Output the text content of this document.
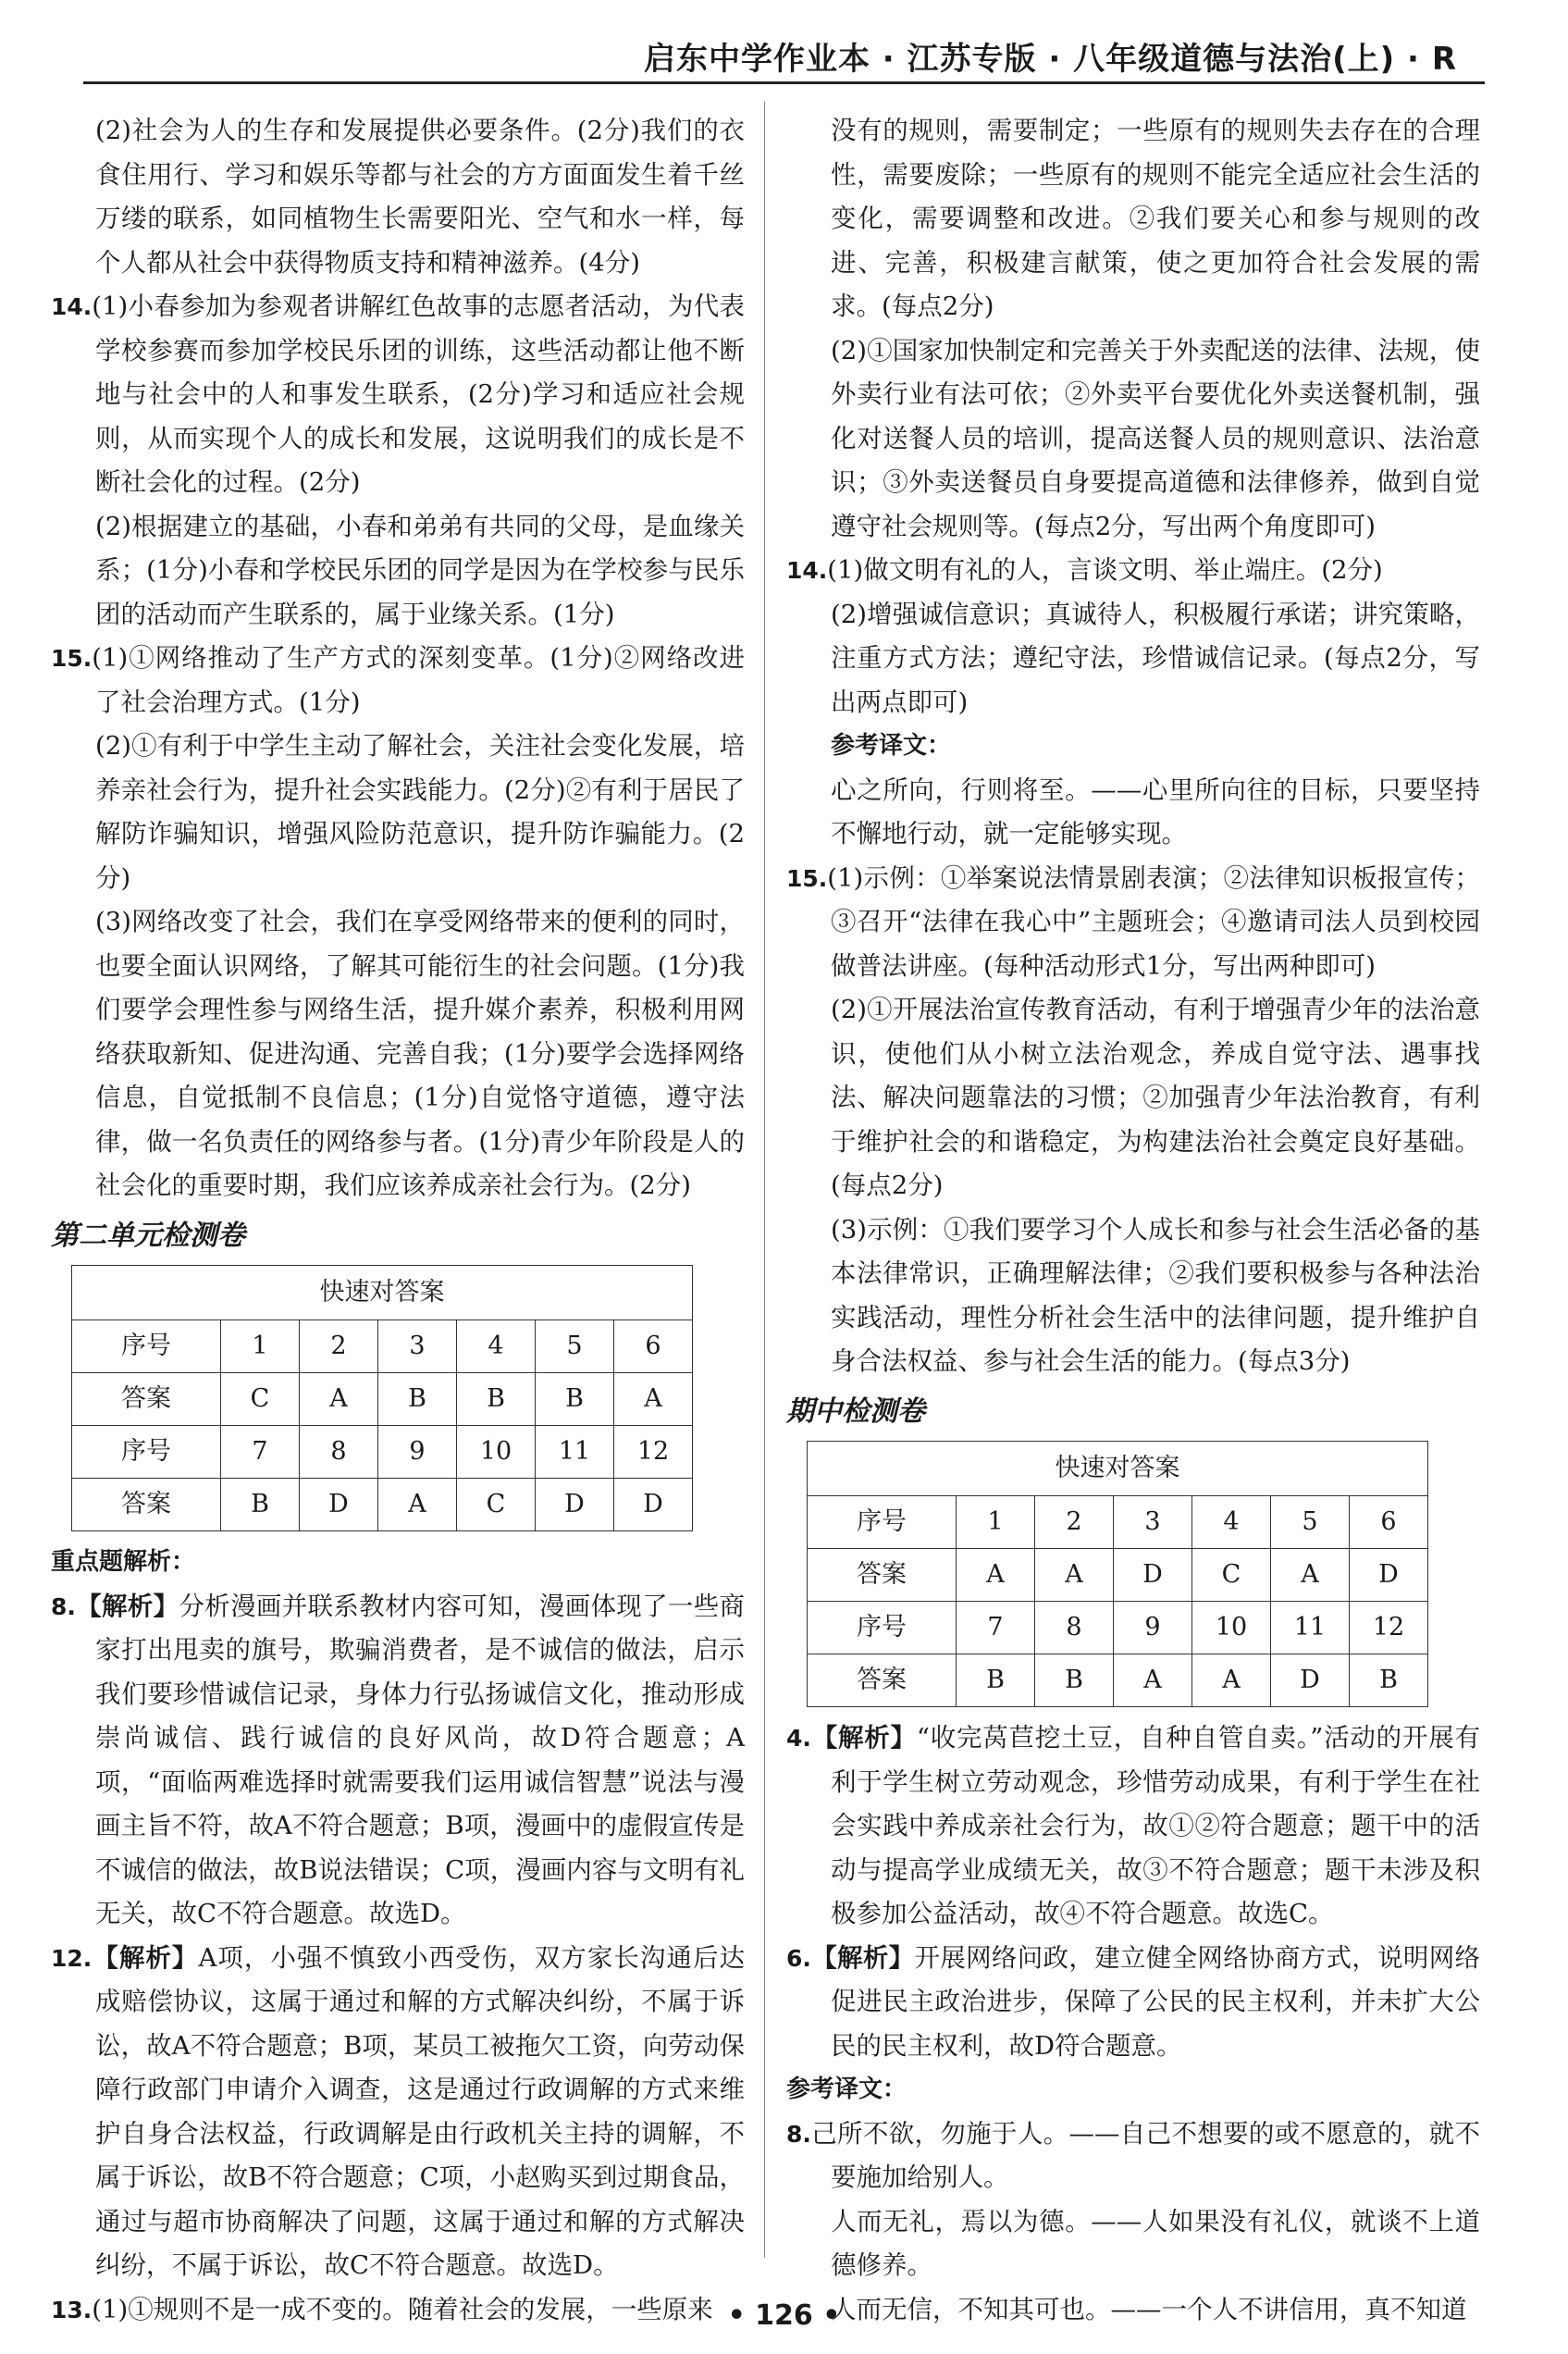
启东中学作业本 · 江苏专版 · 八年级道德与法治(上) · R

(2)社会为人的生存和发展提供必要条件。(2分)我们的衣食住用行、学习和娱乐等都与社会的方方面面发生着千丝万缕的联系，如同植物生长需要阳光、空气和水一样，每个人都从社会中获得物质支持和精神滋养。(4分)

14.(1)小春参加为参观者讲解红色故事的志愿者活动，为代表学校参赛而参加学校民乐团的训练，这些活动都让他不断地与社会中的人和事发生联系，(2分)学习和适应社会规则，从而实现个人的成长和发展，这说明我们的成长是不断社会化的过程。(2分)

(2)根据建立的基础，小春和弟弟有共同的父母，是血缘关系；(1分)小春和学校民乐团的同学是因为在学校参与民乐团的活动而产生联系的，属于业缘关系。(1分)

15.(1)①网络推动了生产方式的深刻变革。(1分)②网络改进了社会治理方式。(1分)

(2)①有利于中学生主动了解社会，关注社会变化发展，培养亲社会行为，提升社会实践能力。(2分)②有利于居民了解防诈骗知识，增强风险防范意识，提升防诈骗能力。(2分)

(3)网络改变了社会，我们在享受网络带来的便利的同时，也要全面认识网络，了解其可能衍生的社会问题。(1分)我们要学会理性参与网络生活，提升媒介素养，积极利用网络获取新知、促进沟通、完善自我；(1分)要学会选择网络信息，自觉抵制不良信息；(1分)自觉恪守道德，遵守法律，做一名负责任的网络参与者。(1分)青少年阶段是人的社会化的重要时期，我们应该养成亲社会行为。(2分)

第二单元检测卷
快速对答案						
序号	1	2	3	4	5	6
答案	C	A	B	B	B	A
序号	7	8	9	10	11	12
答案	B	D	A	C	D	D
重点题解析：

8.【解析】分析漫画并联系教材内容可知，漫画体现了一些商家打出甩卖的旗号，欺骗消费者，是不诚信的做法，启示我们要珍惜诚信记录，身体力行弘扬诚信文化，推动形成崇尚诚信、践行诚信的良好风尚，故D符合题意；A项，“面临两难选择时就需要我们运用诚信智慧”说法与漫画主旨不符，故A不符合题意；B项，漫画中的虚假宣传是不诚信的做法，故B说法错误；C项，漫画内容与文明有礼无关，故C不符合题意。故选D。

12.【解析】A项，小强不慎致小西受伤，双方家长沟通后达成赔偿协议，这属于通过和解的方式解决纠纷，不属于诉讼，故A不符合题意；B项，某员工被拖欠工资，向劳动保障行政部门申请介入调查，这是通过行政调解的方式来维护自身合法权益，行政调解是由行政机关主持的调解，不属于诉讼，故B不符合题意；C项，小赵购买到过期食品，通过与超市协商解决了问题，这属于通过和解的方式解决纠纷，不属于诉讼，故C不符合题意。故选D。

13.(1)①规则不是一成不变的。随着社会的发展，一些原来

没有的规则，需要制定；一些原有的规则失去存在的合理性，需要废除；一些原有的规则不能完全适应社会生活的变化，需要调整和改进。②我们要关心和参与规则的改进、完善，积极建言献策，使之更加符合社会发展的需求。(每点2分)

(2)①国家加快制定和完善关于外卖配送的法律、法规，使外卖行业有法可依；②外卖平台要优化外卖送餐机制，强化对送餐人员的培训，提高送餐人员的规则意识、法治意识；③外卖送餐员自身要提高道德和法律修养，做到自觉遵守社会规则等。(每点2分，写出两个角度即可)

14.(1)做文明有礼的人，言谈文明、举止端庄。(2分)

(2)增强诚信意识；真诚待人，积极履行承诺；讲究策略，注重方式方法；遵纪守法，珍惜诚信记录。(每点2分，写出两点即可)

参考译文：

心之所向，行则将至。——心里所向往的目标，只要坚持不懈地行动，就一定能够实现。

15.(1)示例：①举案说法情景剧表演；②法律知识板报宣传；③召开“法律在我心中”主题班会；④邀请司法人员到校园做普法讲座。(每种活动形式1分，写出两种即可)

(2)①开展法治宣传教育活动，有利于增强青少年的法治意识，使他们从小树立法治观念，养成自觉守法、遇事找法、解决问题靠法的习惯；②加强青少年法治教育，有利于维护社会的和谐稳定，为构建法治社会奠定良好基础。(每点2分)

(3)示例：①我们要学习个人成长和参与社会生活必备的基本法律常识，正确理解法律；②我们要积极参与各种法治实践活动，理性分析社会生活中的法律问题，提升维护自身合法权益、参与社会生活的能力。(每点3分)

期中检测卷
快速对答案						
序号	1	2	3	4	5	6
答案	A	A	D	C	A	D
序号	7	8	9	10	11	12
答案	B	B	A	A	D	B

4.【解析】“收完莴苣挖土豆，自种自管自卖。”活动的开展有利于学生树立劳动观念，珍惜劳动成果，有利于学生在社会实践中养成亲社会行为，故①②符合题意；题干中的活动与提高学业成绩无关，故③不符合题意；题干未涉及积极参加公益活动，故④不符合题意。故选C。

6.【解析】开展网络问政，建立健全网络协商方式，说明网络促进民主政治进步，保障了公民的民主权利，并未扩大公民的民主权利，故D符合题意。

参考译文：

8.己所不欲，勿施于人。——自己不想要的或不愿意的，就不要施加给别人。

人而无礼，焉以为德。——人如果没有礼仪，就谈不上道德修养。

人而无信，不知其可也。——一个人不讲信用，真不知道

• 126 •
